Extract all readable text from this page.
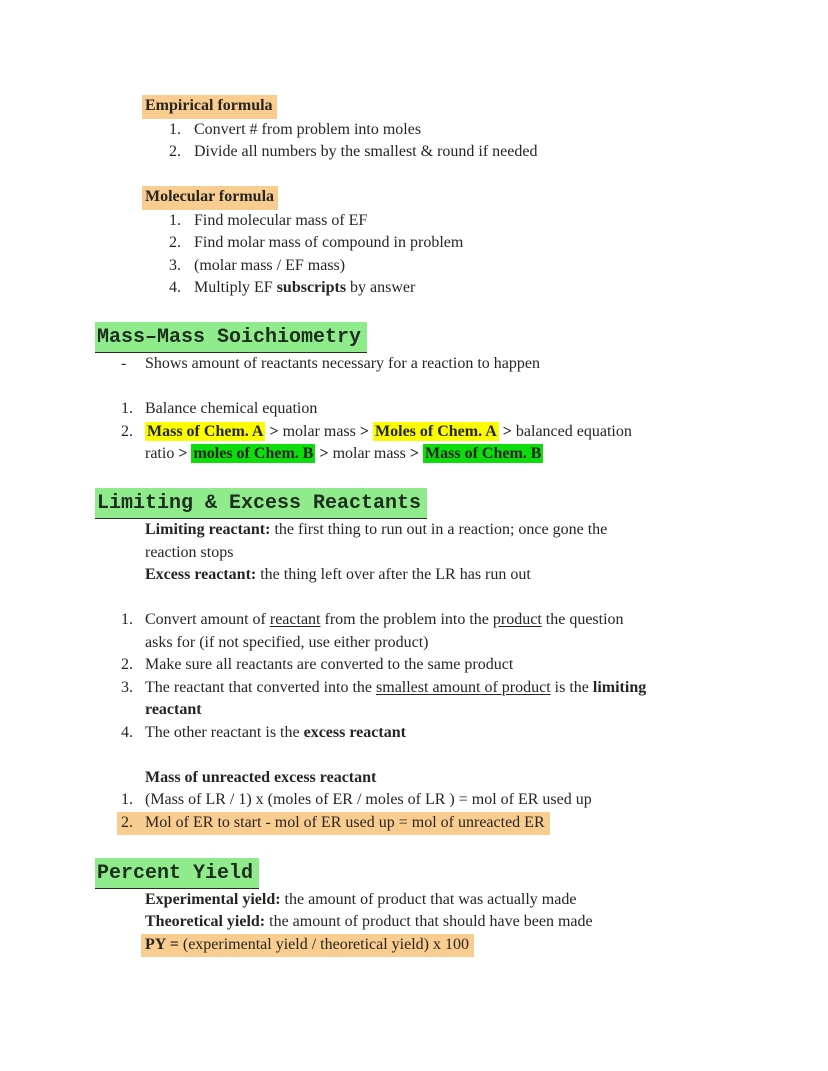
Empirical formula
1. Convert # from problem into moles
2. Divide all numbers by the smallest & round if needed
Molecular formula
1. Find molecular mass of EF
2. Find molar mass of compound in problem
3. (molar mass / EF mass)
4. Multiply EF subscripts by answer
Mass–Mass Soichiometry
-	Shows amount of reactants necessary for a reaction to happen
1. Balance chemical equation
2. Mass of Chem. A > molar mass > Moles of Chem. A > balanced equation
ratio > moles of Chem. B > molar mass > Mass of Chem. B
Limiting & Excess Reactants
Limiting reactant: the first thing to run out in a reaction; once gone the
reaction stops
Excess reactant: the thing left over after the LR has run out
1. Convert amount of reactant from the problem into the product the question
asks for (if not specified, use either product)
2. Make sure all reactants are converted to the same product
3. The reactant that converted into the smallest amount of product is the limiting
reactant
4. The other reactant is the excess reactant
Mass of unreacted excess reactant
1. (Mass of LR / 1) x (moles of ER / moles of LR ) = mol of ER used up
2. Mol of ER to start - mol of ER used up = mol of unreacted ER
Percent Yield
Experimental yield: the amount of product that was actually made
Theoretical yield: the amount of product that should have been made
PY = (experimental yield / theoretical yield) x 100
